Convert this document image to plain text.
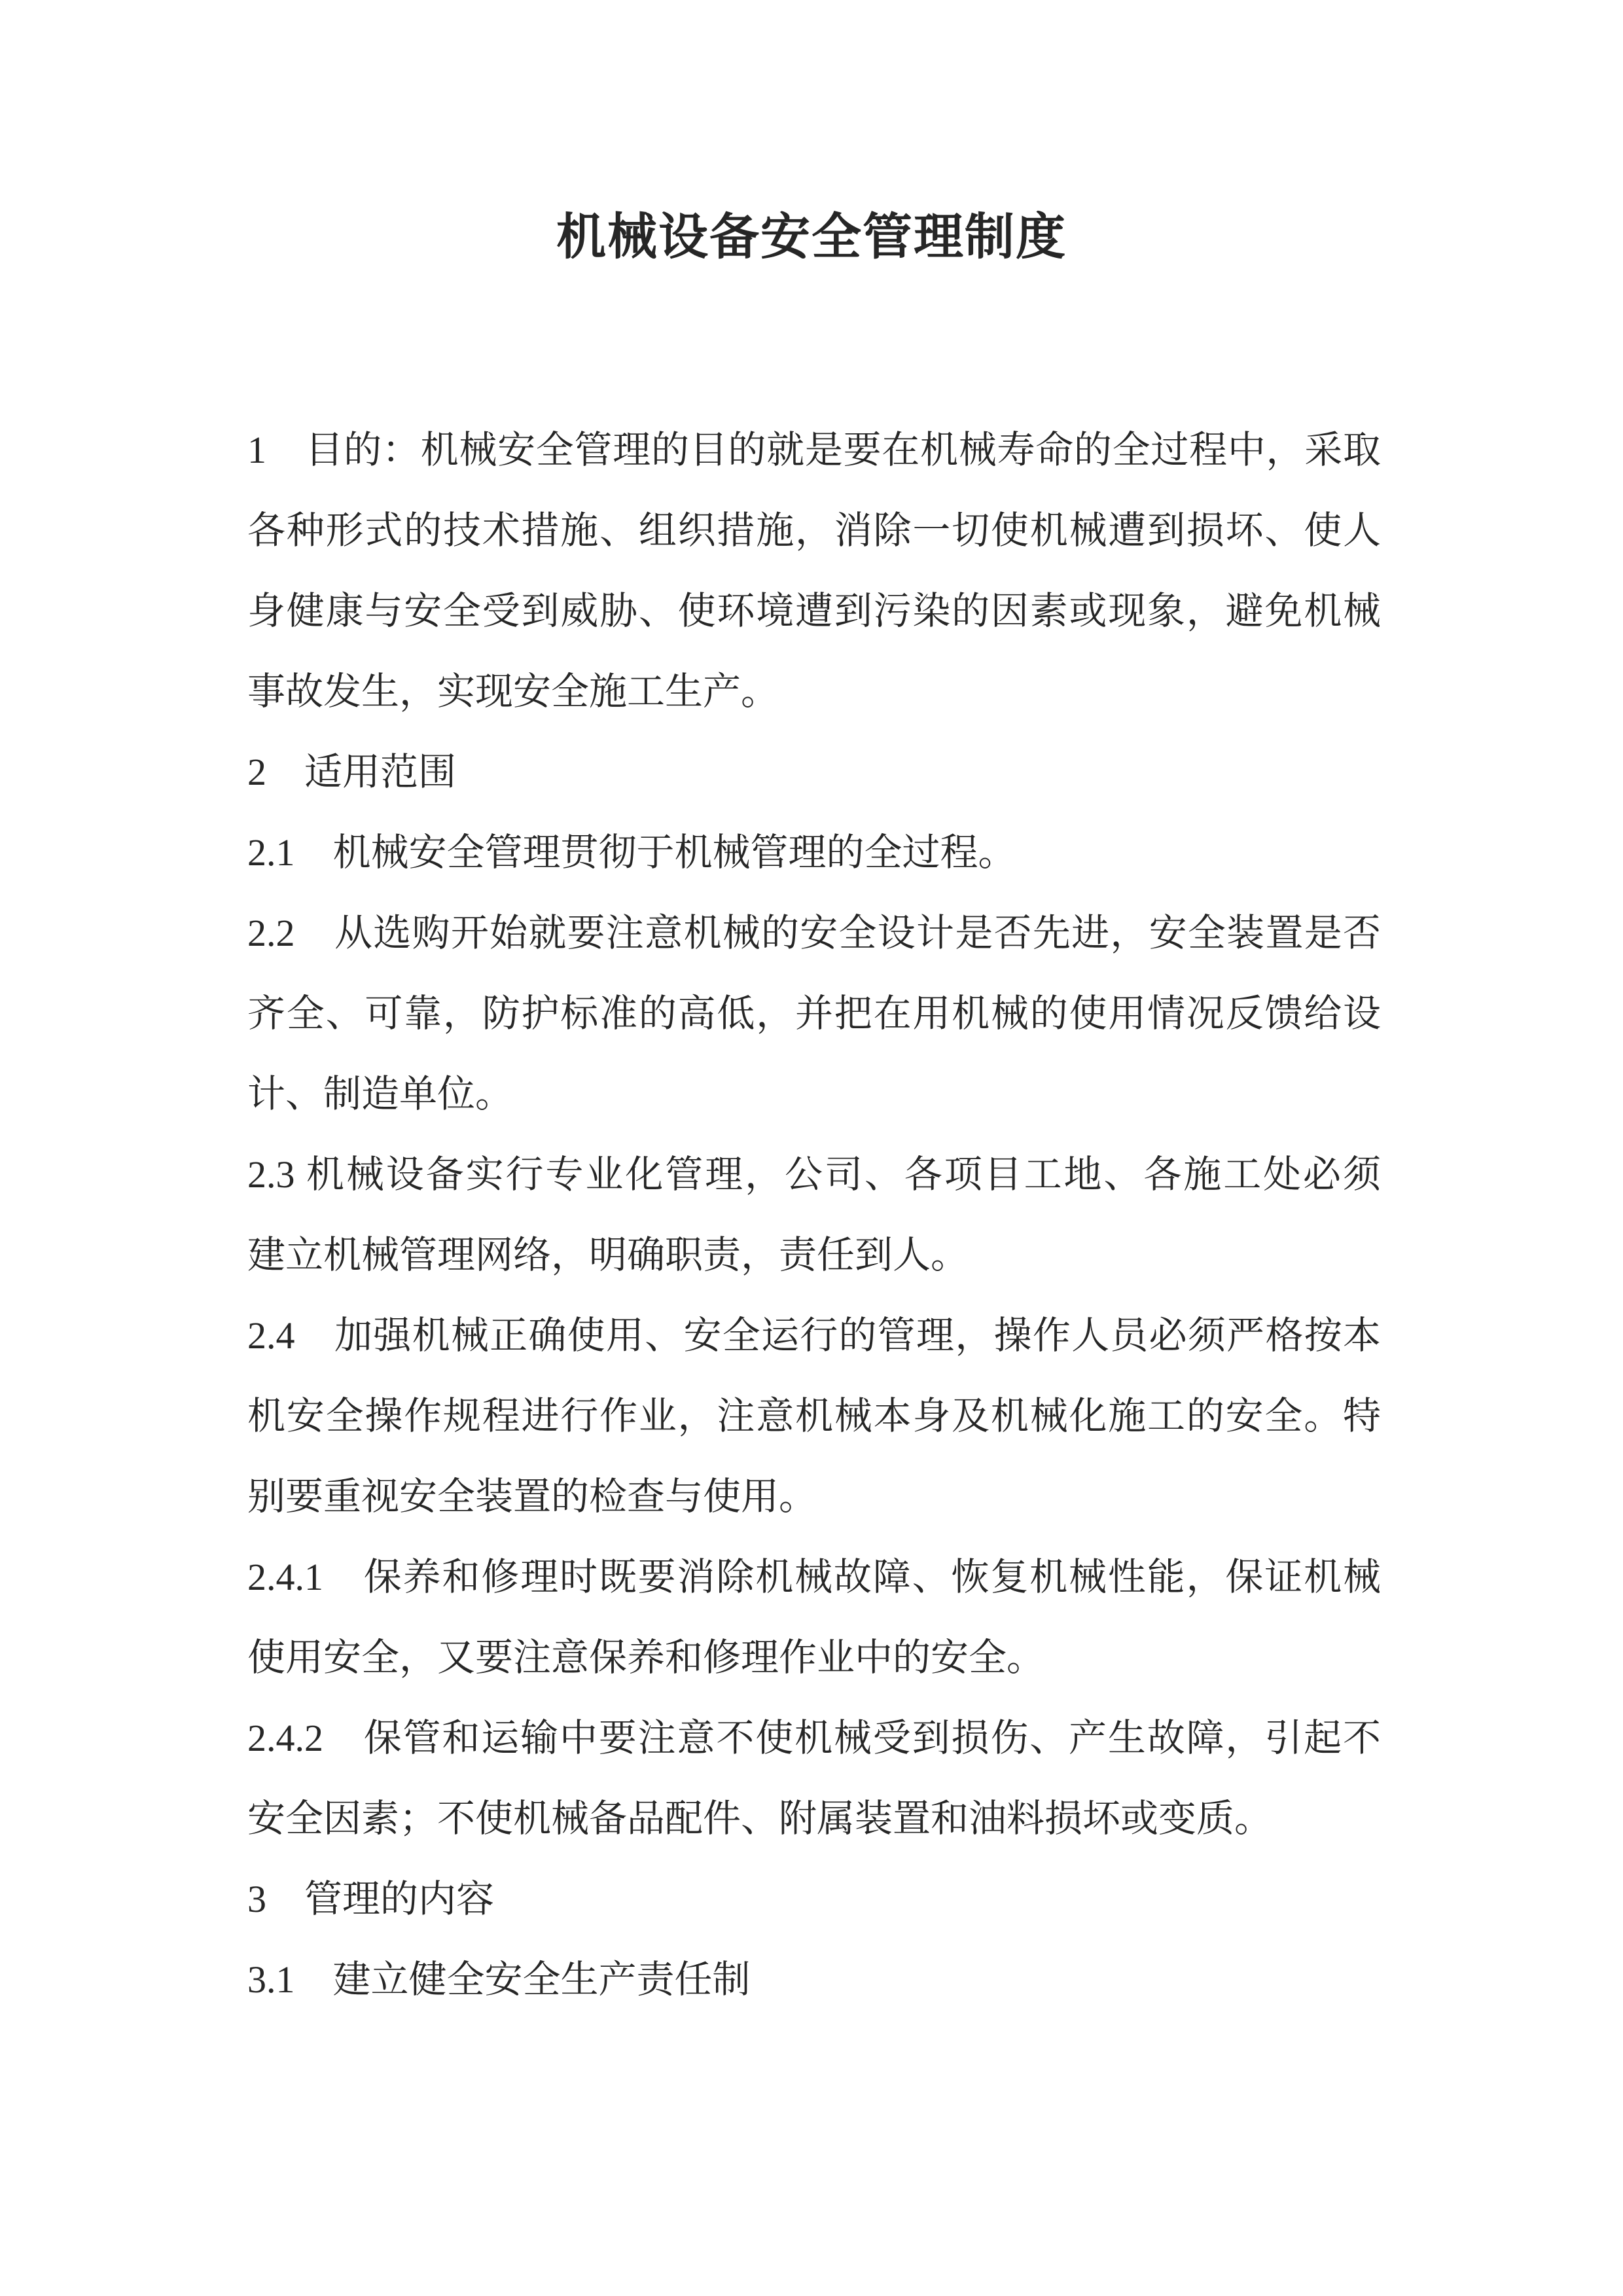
机械设备安全管理制度
1　目的：机械安全管理的目的就是要在机械寿命的全过程中，采取
各种形式的技术措施、组织措施，消除一切使机械遭到损坏、使人
身健康与安全受到威胁、使环境遭到污染的因素或现象，避免机械
事故发生，实现安全施工生产。
2　适用范围
2.1　机械安全管理贯彻于机械管理的全过程。
2.2　从选购开始就要注意机械的安全设计是否先进，安全装置是否
齐全、可靠，防护标准的高低，并把在用机械的使用情况反馈给设
计、制造单位。
2.3 机械设备实行专业化管理，公司、各项目工地、各施工处必须
建立机械管理网络，明确职责，责任到人。
2.4　加强机械正确使用、安全运行的管理，操作人员必须严格按本
机安全操作规程进行作业，注意机械本身及机械化施工的安全。特
别要重视安全装置的检查与使用。
2.4.1　保养和修理时既要消除机械故障、恢复机械性能，保证机械
使用安全，又要注意保养和修理作业中的安全。
2.4.2　保管和运输中要注意不使机械受到损伤、产生故障，引起不
安全因素；不使机械备品配件、附属装置和油料损坏或变质。
3　管理的内容
3.1　建立健全安全生产责任制
